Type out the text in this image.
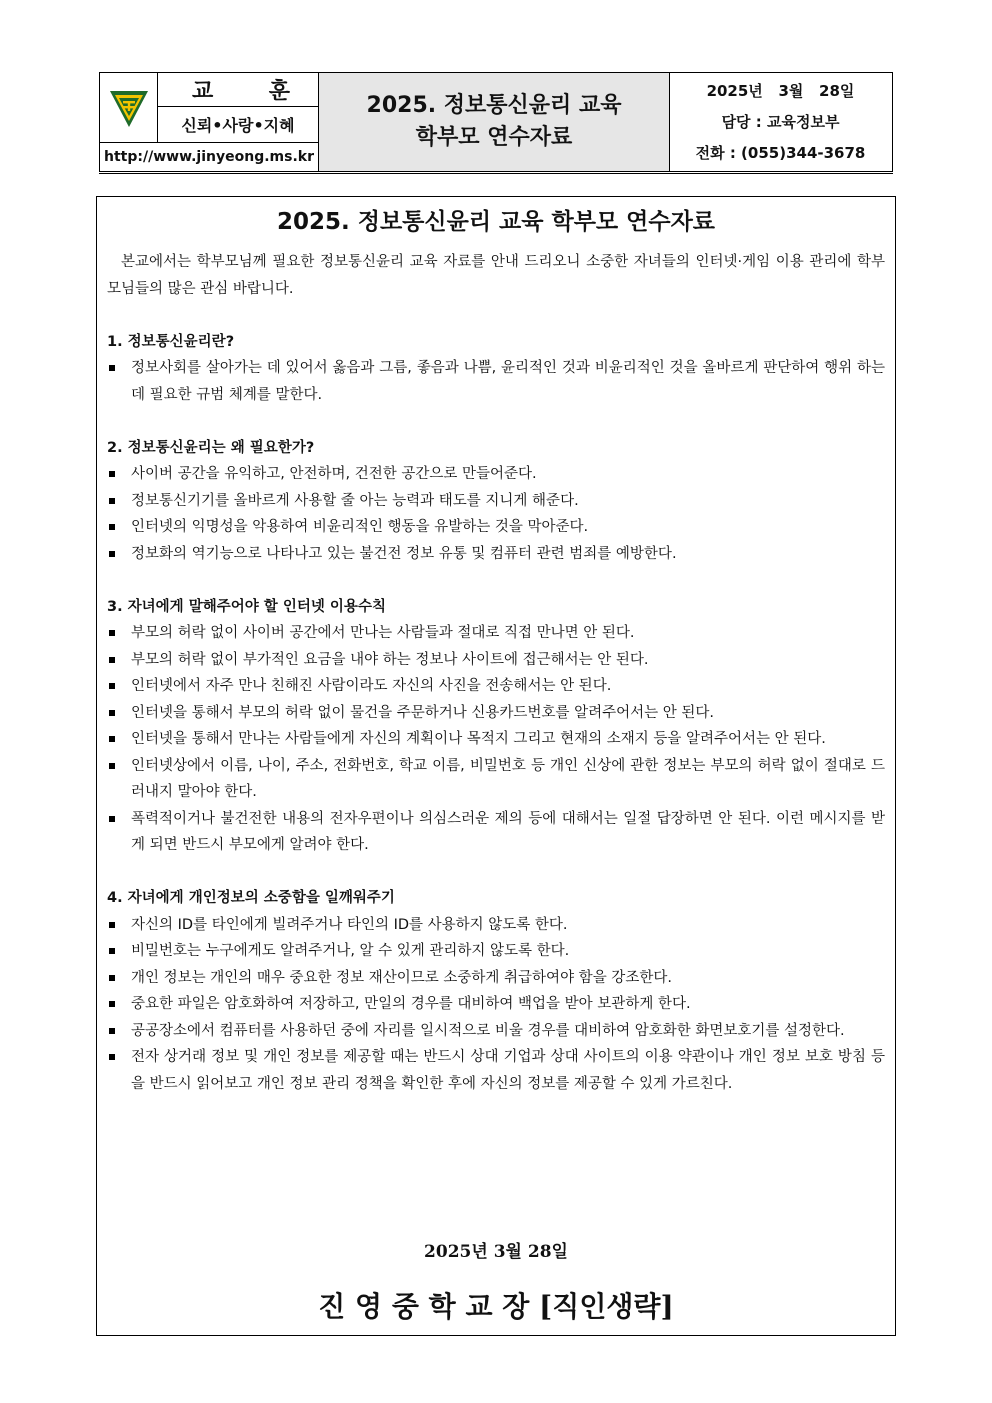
교	훈
신뢰•사랑•지혜
http://www.jinyeong.ms.kr
2025. 정보통신윤리 교육
학부모 연수자료
2025년   3월   28일
담당 : 교육정보부
전화 : (055)344-3678
2025. 정보통신윤리 교육 학부모 연수자료

본교에서는 학부모님께 필요한 정보통신윤리 교육 자료를 안내 드리오니 소중한 자녀들의 인터넷·게임 이용 관리에 학부모님들의 많은 관심 바랍니다.

1. 정보통신윤리란?

정보사회를 살아가는 데 있어서 옳음과 그름, 좋음과 나쁨, 윤리적인 것과 비윤리적인 것을 올바르게 판단하여 행위 하는데 필요한 규범 체계를 말한다.

2. 정보통신윤리는 왜 필요한가?

사이버 공간을 유익하고, 안전하며, 건전한 공간으로 만들어준다.
정보통신기기를 올바르게 사용할 줄 아는 능력과 태도를 지니게 해준다.
인터넷의 익명성을 악용하여 비윤리적인 행동을 유발하는 것을 막아준다.
정보화의 역기능으로 나타나고 있는 불건전 정보 유통 및 컴퓨터 관련 범죄를 예방한다.

3. 자녀에게 말해주어야 할 인터넷 이용수칙

부모의 허락 없이 사이버 공간에서 만나는 사람들과 절대로 직접 만나면 안 된다.
부모의 허락 없이 부가적인 요금을 내야 하는 정보나 사이트에 접근해서는 안 된다.
인터넷에서 자주 만나 친해진 사람이라도 자신의 사진을 전송해서는 안 된다.
인터넷을 통해서 부모의 허락 없이 물건을 주문하거나 신용카드번호를 알려주어서는 안 된다.
인터넷을 통해서 만나는 사람들에게 자신의 계획이나 목적지 그리고 현재의 소재지 등을 알려주어서는 안 된다.
인터넷상에서 이름, 나이, 주소, 전화번호, 학교 이름, 비밀번호 등 개인 신상에 관한 정보는 부모의 허락 없이 절대로 드러내지 말아야 한다.
폭력적이거나 불건전한 내용의 전자우편이나 의심스러운 제의 등에 대해서는 일절 답장하면 안 된다. 이런 메시지를 받게 되면 반드시 부모에게 알려야 한다.

4. 자녀에게 개인정보의 소중함을 일깨워주기

자신의 ID를 타인에게 빌려주거나 타인의 ID를 사용하지 않도록 한다.
비밀번호는 누구에게도 알려주거나, 알 수 있게 관리하지 않도록 한다.
개인 정보는 개인의 매우 중요한 정보 재산이므로 소중하게 취급하여야 함을 강조한다.
중요한 파일은 암호화하여 저장하고, 만일의 경우를 대비하여 백업을 받아 보관하게 한다.
공공장소에서 컴퓨터를 사용하던 중에 자리를 일시적으로 비울 경우를 대비하여 암호화한 화면보호기를 설정한다.
전자 상거래 정보 및 개인 정보를 제공할 때는 반드시 상대 기업과 상대 사이트의 이용 약관이나 개인 정보 보호 방침 등을 반드시 읽어보고 개인 정보 관리 정책을 확인한 후에 자신의 정보를 제공할 수 있게 가르친다.
2025년 3월 28일
진 영 중 학 교 장 [직인생략]
